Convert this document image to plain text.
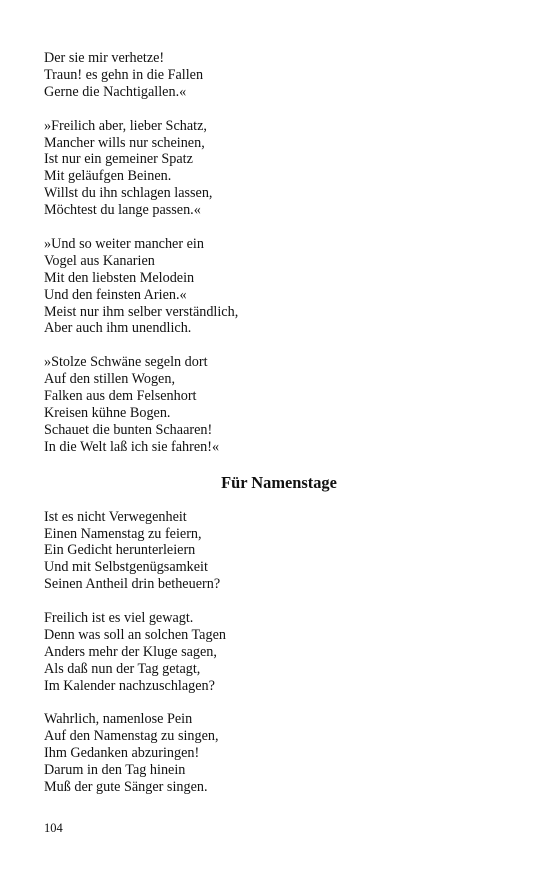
Der sie mir verhetze!
Traun! es gehn in die Fallen
Gerne die Nachtigallen.«
»Freilich aber, lieber Schatz,
Mancher wills nur scheinen,
Ist nur ein gemeiner Spatz
Mit geläufgen Beinen.
Willst du ihn schlagen lassen,
Möchtest du lange passen.«
»Und so weiter mancher ein
Vogel aus Kanarien
Mit den liebsten Melodein
Und den feinsten Arien.«
Meist nur ihm selber verständlich,
Aber auch ihm unendlich.
»Stolze Schwäne segeln dort
Auf den stillen Wogen,
Falken aus dem Felsenhort
Kreisen kühne Bogen.
Schauet die bunten Schaaren!
In die Welt laß ich sie fahren!«
Für Namenstage
Ist es nicht Verwegenheit
Einen Namenstag zu feiern,
Ein Gedicht herunterleiern
Und mit Selbstgenügsamkeit
Seinen Antheil drin betheuern?
Freilich ist es viel gewagt.
Denn was soll an solchen Tagen
Anders mehr der Kluge sagen,
Als daß nun der Tag getagt,
Im Kalender nachzuschlagen?
Wahrlich, namenlose Pein
Auf den Namenstag zu singen,
Ihm Gedanken abzuringen!
Darum in den Tag hinein
Muß der gute Sänger singen.
104
